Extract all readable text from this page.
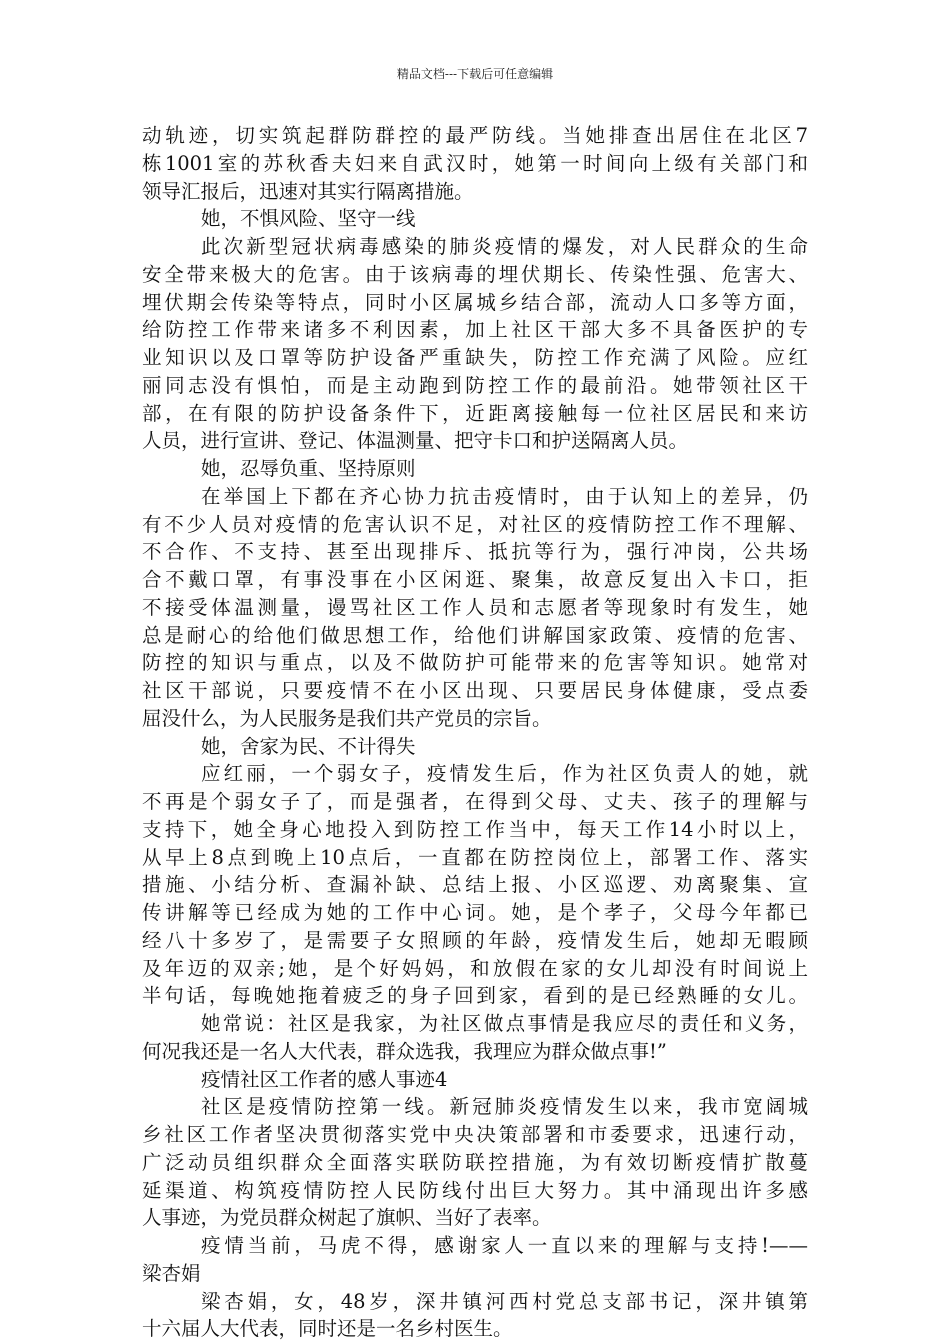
精品文档---下载后可任意编辑
动轨迹，切实筑起群防群控的最严防线。当她排查出居住在北区7
栋1001室的苏秋香夫妇来自武汉时，她第一时间向上级有关部门和
领导汇报后，迅速对其实行隔离措施。
她，不惧风险、坚守一线
此次新型冠状病毒感染的肺炎疫情的爆发，对人民群众的生命
安全带来极大的危害。由于该病毒的埋伏期长、传染性强、危害大、
埋伏期会传染等特点，同时小区属城乡结合部，流动人口多等方面，
给防控工作带来诸多不利因素，加上社区干部大多不具备医护的专
业知识以及口罩等防护设备严重缺失，防控工作充满了风险。应红
丽同志没有惧怕，而是主动跑到防控工作的最前沿。她带领社区干
部，在有限的防护设备条件下，近距离接触每一位社区居民和来访
人员，进行宣讲、登记、体温测量、把守卡口和护送隔离人员。
她，忍辱负重、坚持原则
在举国上下都在齐心协力抗击疫情时，由于认知上的差异，仍
有不少人员对疫情的危害认识不足，对社区的疫情防控工作不理解、
不合作、不支持、甚至出现排斥、抵抗等行为，强行冲岗，公共场
合不戴口罩，有事没事在小区闲逛、聚集，故意反复出入卡口，拒
不接受体温测量，谩骂社区工作人员和志愿者等现象时有发生，她
总是耐心的给他们做思想工作，给他们讲解国家政策、疫情的危害、
防控的知识与重点，以及不做防护可能带来的危害等知识。她常对
社区干部说，只要疫情不在小区出现、只要居民身体健康，受点委
屈没什么，为人民服务是我们共产党员的宗旨。
她，舍家为民、不计得失
应红丽，一个弱女子，疫情发生后，作为社区负责人的她，就
不再是个弱女子了，而是强者，在得到父母、丈夫、孩子的理解与
支持下，她全身心地投入到防控工作当中，每天工作14小时以上，
从早上8点到晚上10点后，一直都在防控岗位上，部署工作、落实
措施、小结分析、查漏补缺、总结上报、小区巡逻、劝离聚集、宣
传讲解等已经成为她的工作中心词。她，是个孝子，父母今年都已
经八十多岁了，是需要子女照顾的年龄，疫情发生后，她却无暇顾
及年迈的双亲;她，是个好妈妈，和放假在家的女儿却没有时间说上
半句话，每晚她拖着疲乏的身子回到家，看到的是已经熟睡的女儿。
她常说：社区是我家，为社区做点事情是我应尽的责任和义务，
何况我还是一名人大代表，群众选我，我理应为群众做点事!”
疫情社区工作者的感人事迹4
社区是疫情防控第一线。新冠肺炎疫情发生以来，我市宽阔城
乡社区工作者坚决贯彻落实党中央决策部署和市委要求，迅速行动，
广泛动员组织群众全面落实联防联控措施，为有效切断疫情扩散蔓
延渠道、构筑疫情防控人民防线付出巨大努力。其中涌现出许多感
人事迹，为党员群众树起了旗帜、当好了表率。
疫情当前，马虎不得，感谢家人一直以来的理解与支持!——
梁杏娟
梁杏娟，女，48岁，深井镇河西村党总支部书记，深井镇第
十六届人大代表，同时还是一名乡村医生。
